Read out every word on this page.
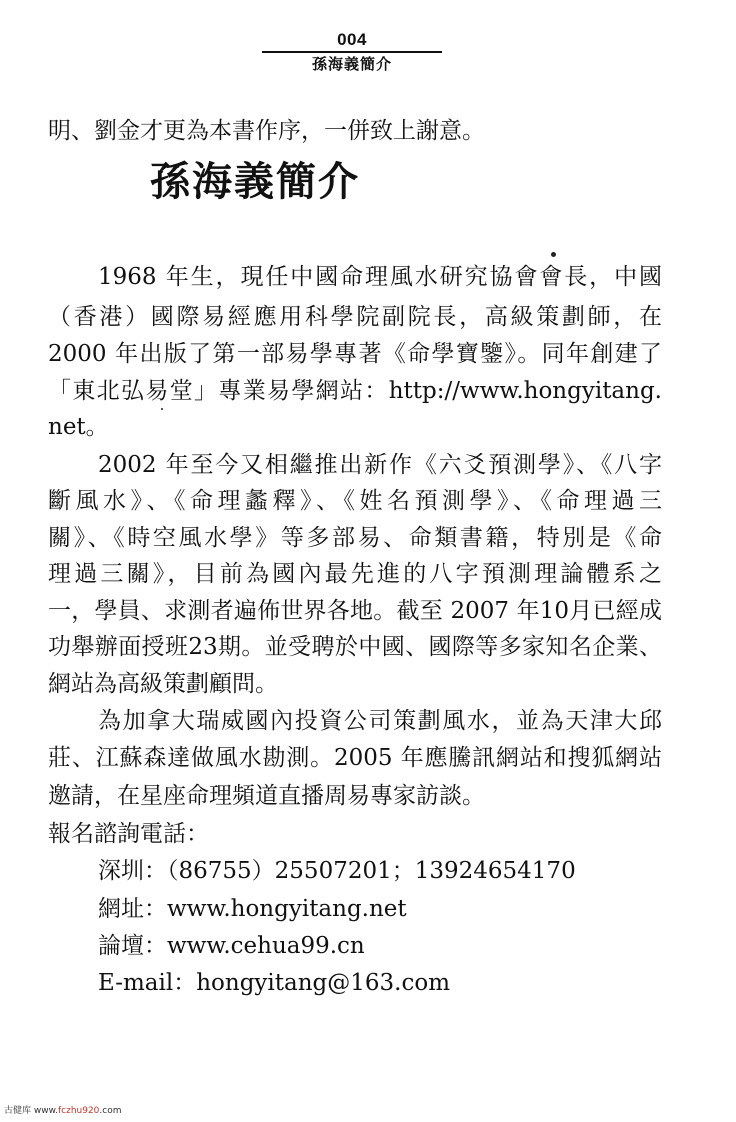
004
孫海義簡介
明、劉金才更為本書作序，一併致上謝意。
孫海義簡介
1968 年生，現任中國命理風水研究協會會長，中國
（香港）國際易經應用科學院副院長，高級策劃師，在
2000 年出版了第一部易學專著《命學寶鑒》。同年創建了
「東北弘易堂」專業易學網站：http://www.hongyitang.
net。
2002 年至今又相繼推出新作《六爻預測學》、《八字
斷風水》、《命理蠡釋》、《姓名預測學》、《命理過三
關》、《時空風水學》等多部易、命類書籍，特別是《命
理過三關》，目前為國內最先進的八字預測理論體系之
一，學員、求測者遍佈世界各地。截至 2007 年10月已經成
功舉辦面授班23期。並受聘於中國、國際等多家知名企業、
網站為高級策劃顧問。
為加拿大瑞威國內投資公司策劃風水，並為天津大邱
莊、江蘇森達做風水勘測。2005 年應騰訊網站和搜狐網站
邀請，在星座命理頻道直播周易專家訪談。
報名諮詢電話：
深圳：（86755）25507201；13924654170
網址：www.hongyitang.net
論壇：www.cehua99.cn
E-mail：hongyitang@163.com
古健库 www.fczhu920.com
